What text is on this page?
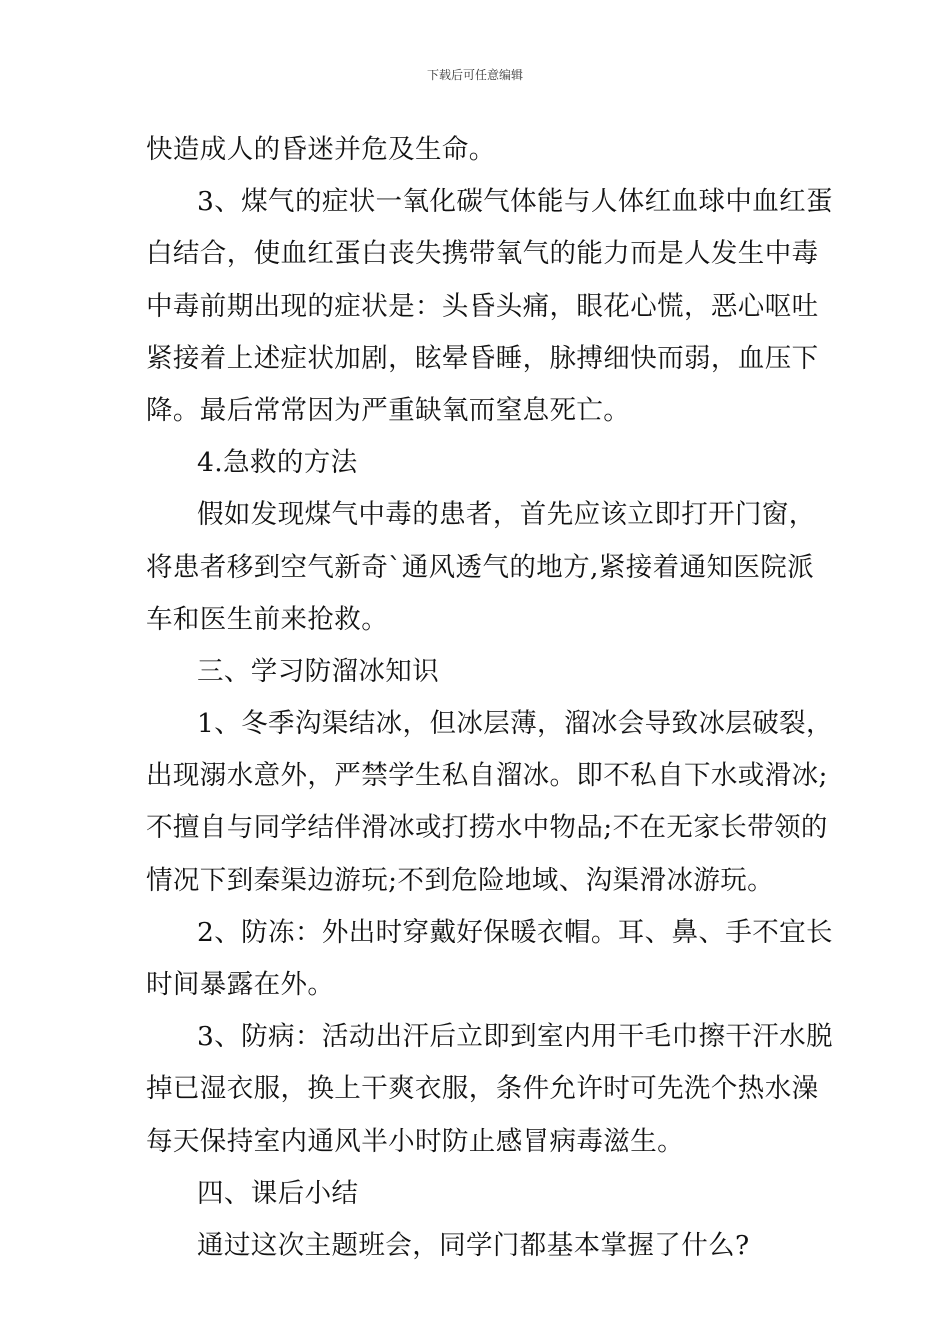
下载后可任意编辑
快造成人的昏迷并危及生命。
3、煤气的症状一氧化碳气体能与人体红血球中血红蛋
白结合，使血红蛋白丧失携带氧气的能力而是人发生中毒
中毒前期出现的症状是：头昏头痛，眼花心慌，恶心呕吐
紧接着上述症状加剧，眩晕昏睡，脉搏细快而弱，血压下
降。最后常常因为严重缺氧而窒息死亡。
4.急救的方法
假如发现煤气中毒的患者，首先应该立即打开门窗，
将患者移到空气新奇`通风透气的地方,紧接着通知医院派
车和医生前来抢救。
三、学习防溜冰知识
1、冬季沟渠结冰，但冰层薄，溜冰会导致冰层破裂，
出现溺水意外，严禁学生私自溜冰。即不私自下水或滑冰;
不擅自与同学结伴滑冰或打捞水中物品;不在无家长带领的
情况下到秦渠边游玩;不到危险地域、沟渠滑冰游玩。
2、防冻：外出时穿戴好保暖衣帽。耳、鼻、手不宜长
时间暴露在外。
3、防病：活动出汗后立即到室内用干毛巾擦干汗水脱
掉已湿衣服，换上干爽衣服，条件允许时可先洗个热水澡
每天保持室内通风半小时防止感冒病毒滋生。
四、课后小结
通过这次主题班会，同学门都基本掌握了什么?
